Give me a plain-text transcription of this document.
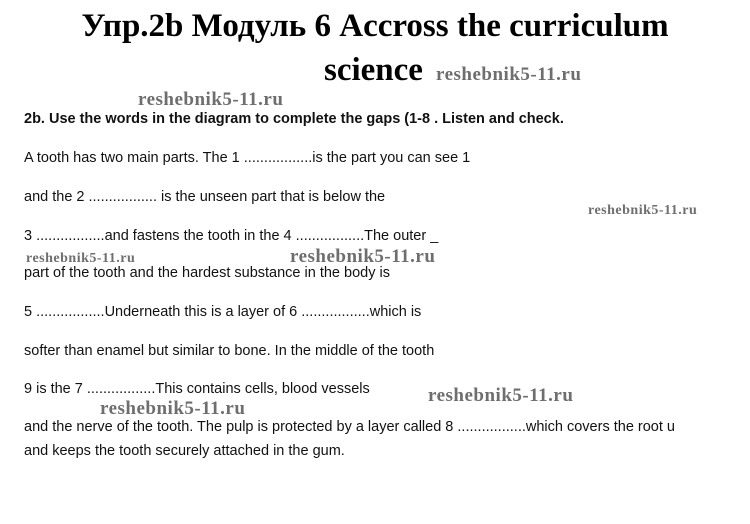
Упр.2b Модуль 6 Accross the curriculum
science reshebnik5-11.ru
reshebnik5-11.ru

2b. Use the words in the diagram to complete the gaps (1-8 . Listen and check.

A tooth has two main parts. The 1 .................is the part you can see 1

and the 2 ................. is the unseen part that is below the

reshebnik5-11.ru

3 .................and fastens the tooth in the 4 .................The outer _

reshebnik5-11.ru	reshebnik5-11.ru

part of the tooth and the hardest substance in the body is

5 .................Underneath this is a layer of 6 .................which is

softer than enamel but similar to bone. In the middle of the tooth

9 is the 7 .................This contains cells, blood vessels	reshebnik5-11.ru
reshebnik5-11.ru

and the nerve of the tooth. The pulp is protected by a layer called 8 .................which covers the root u

and keeps the tooth securely attached in the gum.
